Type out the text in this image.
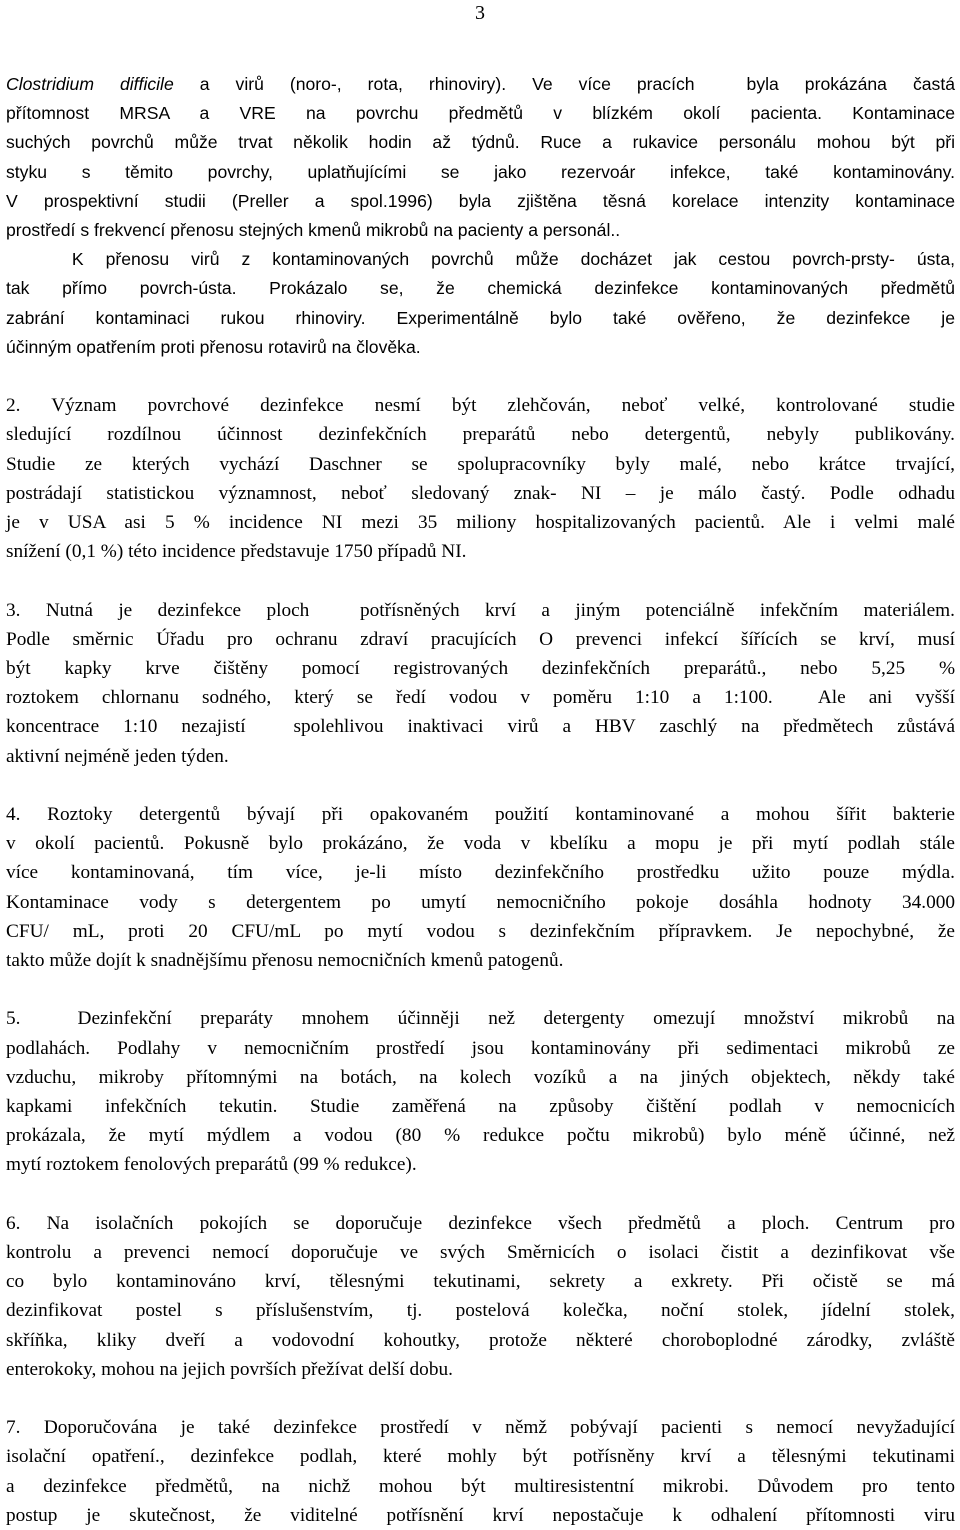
3
Clostridium difficile a virů (noro-, rota, rhinoviry). Ve více pracích  byla prokázána častá
přítomnost MRSA a VRE na povrchu předmětů v blízkém okolí pacienta. Kontaminace
suchých povrchů může trvat několik hodin až týdnů. Ruce a rukavice personálu mohou být při
styku s těmito povrchy, uplatňujícími se jako rezervoár infekce, také kontaminovány.
V prospektivní studii (Preller a spol.1996) byla zjištěna těsná korelace intenzity kontaminace
prostředí s frekvencí přenosu stejných kmenů mikrobů na pacienty a personál..
K přenosu virů z kontaminovaných povrchů může docházet jak cestou povrch-prsty- ústa,
tak přímo povrch-ústa. Prokázalo se, že chemická dezinfekce kontaminovaných předmětů
zabrání kontaminaci rukou rhinoviry. Experimentálně bylo také ověřeno, že dezinfekce je
účinným opatřením proti přenosu rotavirů na člověka.
2. Význam povrchové dezinfekce nesmí být zlehčován, neboť velké, kontrolované studie
sledující rozdílnou účinnost dezinfekčních preparátů nebo detergentů, nebyly publikovány.
Studie ze kterých vychází Daschner se spolupracovníky byly malé, nebo krátce trvající,
postrádají statistickou významnost, neboť sledovaný znak- NI – je málo častý. Podle odhadu
je v USA asi 5 % incidence NI mezi 35 miliony hospitalizovaných pacientů. Ale i velmi malé
snížení (0,1 %) této incidence představuje 1750 případů NI.
3. Nutná je dezinfekce ploch  potřísněných krví a jiným potenciálně infekčním materiálem.
Podle směrnic Úřadu pro ochranu zdraví pracujících O prevenci infekcí šířících se krví, musí
být kapky krve čištěny pomocí registrovaných dezinfekčních preparátů., nebo 5,25 %
roztokem chlornanu sodného, který se ředí vodou v poměru 1:10 a 1:100.  Ale ani vyšší
koncentrace 1:10 nezajistí  spolehlivou inaktivaci virů a HBV zaschlý na předmětech zůstává
aktivní nejméně jeden týden.
4. Roztoky detergentů bývají při opakovaném použití kontaminované a mohou šířit bakterie
v okolí pacientů. Pokusně bylo prokázáno, že voda v kbelíku a mopu je při mytí podlah stále
více kontaminovaná, tím více, je-li místo dezinfekčního prostředku užito pouze mýdla.
Kontaminace vody s detergentem po umytí nemocničního pokoje dosáhla hodnoty 34.000
CFU/ mL, proti 20 CFU/mL po mytí vodou s dezinfekčním přípravkem. Je nepochybné, že
takto může dojít k snadnějšímu přenosu nemocničních kmenů patogenů.
5.  Dezinfekční preparáty mnohem účinněji než detergenty omezují množství mikrobů na
podlahách. Podlahy v nemocničním prostředí jsou kontaminovány při sedimentaci mikrobů ze
vzduchu, mikroby přítomnými na botách, na kolech vozíků a na jiných objektech, někdy také
kapkami infekčních tekutin. Studie zaměřená na způsoby čištění podlah v nemocnicích
prokázala, že mytí mýdlem a vodou (80 % redukce počtu mikrobů) bylo méně účinné, než
mytí roztokem fenolových preparátů (99 % redukce).
6. Na isolačních pokojích se doporučuje dezinfekce všech předmětů a ploch. Centrum pro
kontrolu a prevenci nemocí doporučuje ve svých Směrnicích o isolaci čistit a dezinfikovat vše
co bylo kontaminováno krví, tělesnými tekutinami, sekrety a exkrety. Při očistě se má
dezinfikovat postel s příslušenstvím, tj. postelová kolečka, noční stolek, jídelní stolek,
skříňka, kliky dveří a vodovodní kohoutky, protože některé choroboplodné zárodky, zvláště
enterokoky, mohou na jejich površích přežívat delší dobu.
7. Doporučována je také dezinfekce prostředí v němž pobývají pacienti s nemocí nevyžadující
isolační opatření., dezinfekce podlah, které mohly být potřísněny krví a tělesnými tekutinami
a dezinfekce předmětů, na nichž mohou být multiresistentní mikrobi. Důvodem pro tento
postup je skutečnost, že viditelné potřísnění krví nepostačuje k odhalení přítomnosti viru
